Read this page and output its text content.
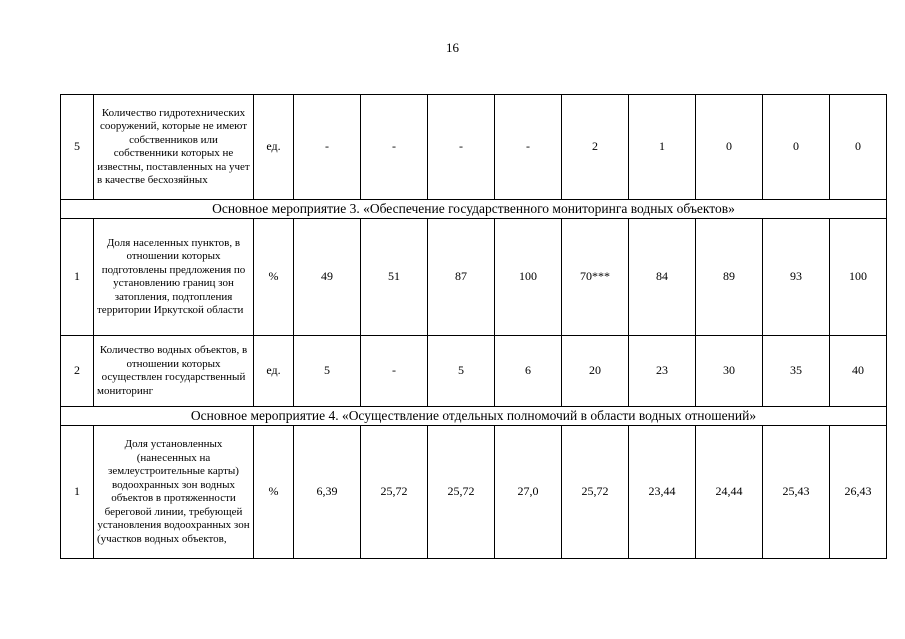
16
5	Количество гидротехнических сооружений, которые не имеют собственников или собственники которых не известны, поставленных на учет в качестве бесхозяйных	ед.	-	-	-	-	2	1	0	0	0
Основное мероприятие 3. «Обеспечение государственного мониторинга водных объектов»											
1	Доля населенных пунктов, в отношении которых подготовлены предложения по установлению границ зон затопления, подтопления территории Иркутской области	%	49	51	87	100	70***	84	89	93	100
2	Количество водных объектов, в отношении которых осуществлен государственный мониторинг	ед.	5	-	5	6	20	23	30	35	40
Основное мероприятие 4. «Осуществление отдельных полномочий в области водных отношений»											
1	Доля установленных (нанесенных на землеустроительные карты) водоохранных зон водных объектов в протяженности береговой линии, требующей установления водоохранных зон (участков водных объектов,	%	6,39	25,72	25,72	27,0	25,72	23,44	24,44	25,43	26,43
